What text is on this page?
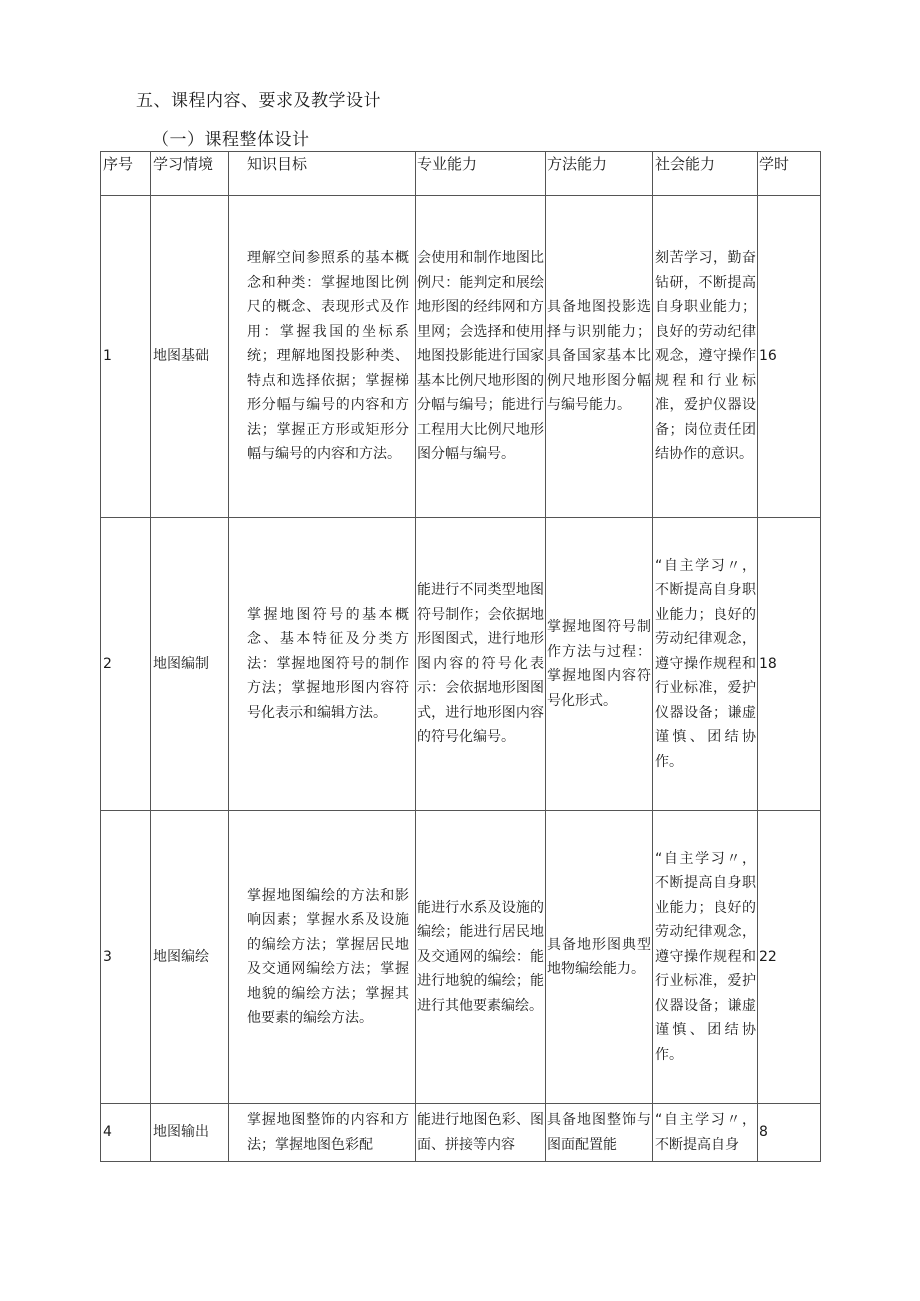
五、课程内容、要求及教学设计
（一）课程整体设计
序号	学习情境	知识目标	专业能力	方法能力	社会能力	学时
1	地图基础	理解空间参照系的基本概念和种类：掌握地图比例尺的概念、表现形式及作用：掌握我国的坐标系统；理解地图投影种类、特点和选择依据；掌握梯形分幅与编号的内容和方法；掌握正方形或矩形分幅与编号的内容和方法。	会使用和制作地图比例尺：能判定和展绘地形图的经纬网和方里网；会选择和使用地图投影能进行国家基本比例尺地形图的分幅与编号；能进行工程用大比例尺地形图分幅与编号。	具备地图投影选择与识别能力；具备国家基本比例尺地形图分幅与编号能力。	刻苦学习，勤奋钻研，不断提高自身职业能力；良好的劳动纪律观念，遵守操作规程和行业标准，爱护仪器设备；岗位责任团结协作的意识。	16
2	地图编制	掌握地图符号的基本概念、基本特征及分类方法：掌握地图符号的制作方法；掌握地形图内容符号化表示和编辑方法。	能进行不同类型地图符号制作；会依据地形图图式，进行地形图内容的符号化表示：会依据地形图图式，进行地形图内容的符号化编号。	掌握地图符号制作方法与过程：掌握地图内容符号化形式。	“自主学习〃，不断提高自身职业能力；良好的劳动纪律观念，遵守操作规程和行业标准，爱护仪器设备；谦虚谨慎、团结协作。	18
3	地图编绘	掌握地图编绘的方法和影响因素；掌握水系及设施的编绘方法；掌握居民地及交通网编绘方法；掌握地貌的编绘方法；掌握其他要素的编绘方法。	能进行水系及设施的编绘；能进行居民地及交通网的编绘：能进行地貌的编绘；能进行其他要素编绘。	具备地形图典型地物编绘能力。	“自主学习〃，不断提高自身职业能力；良好的劳动纪律观念，遵守操作规程和行业标准，爱护仪器设备；谦虚谨慎、团结协作。	22
4	地图输出	掌握地图整饰的内容和方法；掌握地图色彩配	能进行地图色彩、图面、拼接等内容	具备地图整饰与图面配置能	“自主学习〃，不断提高自身	8
